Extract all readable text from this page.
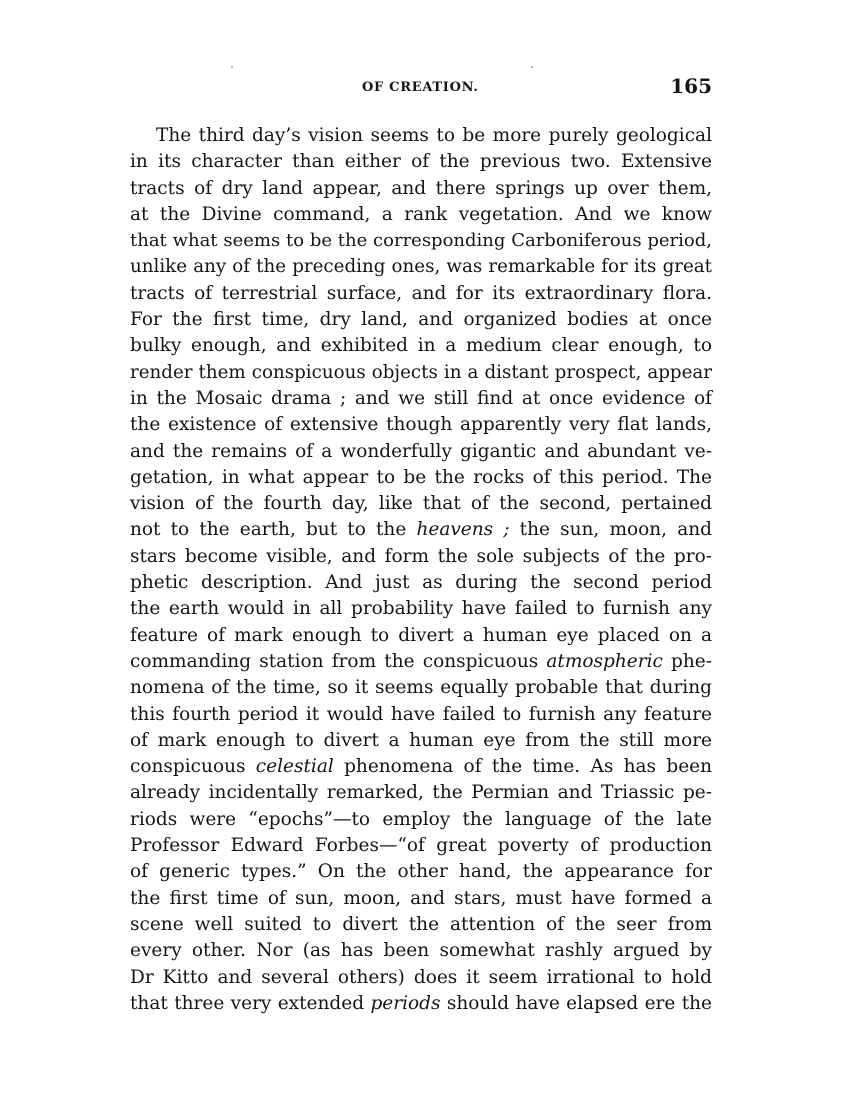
OF CREATION.	165
The third day’s vision seems to be more purely geological
in its character than either of the previous two. Extensive
tracts of dry land appear, and there springs up over them,
at the Divine command, a rank vegetation. And we know
that what seems to be the corresponding Carboniferous period,
unlike any of the preceding ones, was remarkable for its great
tracts of terrestrial surface, and for its extraordinary flora.
For the first time, dry land, and organized bodies at once
bulky enough, and exhibited in a medium clear enough, to
render them conspicuous objects in a distant prospect, appear
in the Mosaic drama ; and we still find at once evidence of
the existence of extensive though apparently very flat lands,
and the remains of a wonderfully gigantic and abundant ve-
getation, in what appear to be the rocks of this period. The
vision of the fourth day, like that of the second, pertained
not to the earth, but to the heavens ; the sun, moon, and
stars become visible, and form the sole subjects of the pro-
phetic description. And just as during the second period
the earth would in all probability have failed to furnish any
feature of mark enough to divert a human eye placed on a
commanding station from the conspicuous atmospheric phe-
nomena of the time, so it seems equally probable that during
this fourth period it would have failed to furnish any feature
of mark enough to divert a human eye from the still more
conspicuous celestial phenomena of the time. As has been
already incidentally remarked, the Permian and Triassic pe-
riods were “epochs”—to employ the language of the late
Professor Edward Forbes—“of great poverty of production
of generic types.” On the other hand, the appearance for
the first time of sun, moon, and stars, must have formed a
scene well suited to divert the attention of the seer from
every other. Nor (as has been somewhat rashly argued by
Dr Kitto and several others) does it seem irrational to hold
that three very extended periods should have elapsed ere the
